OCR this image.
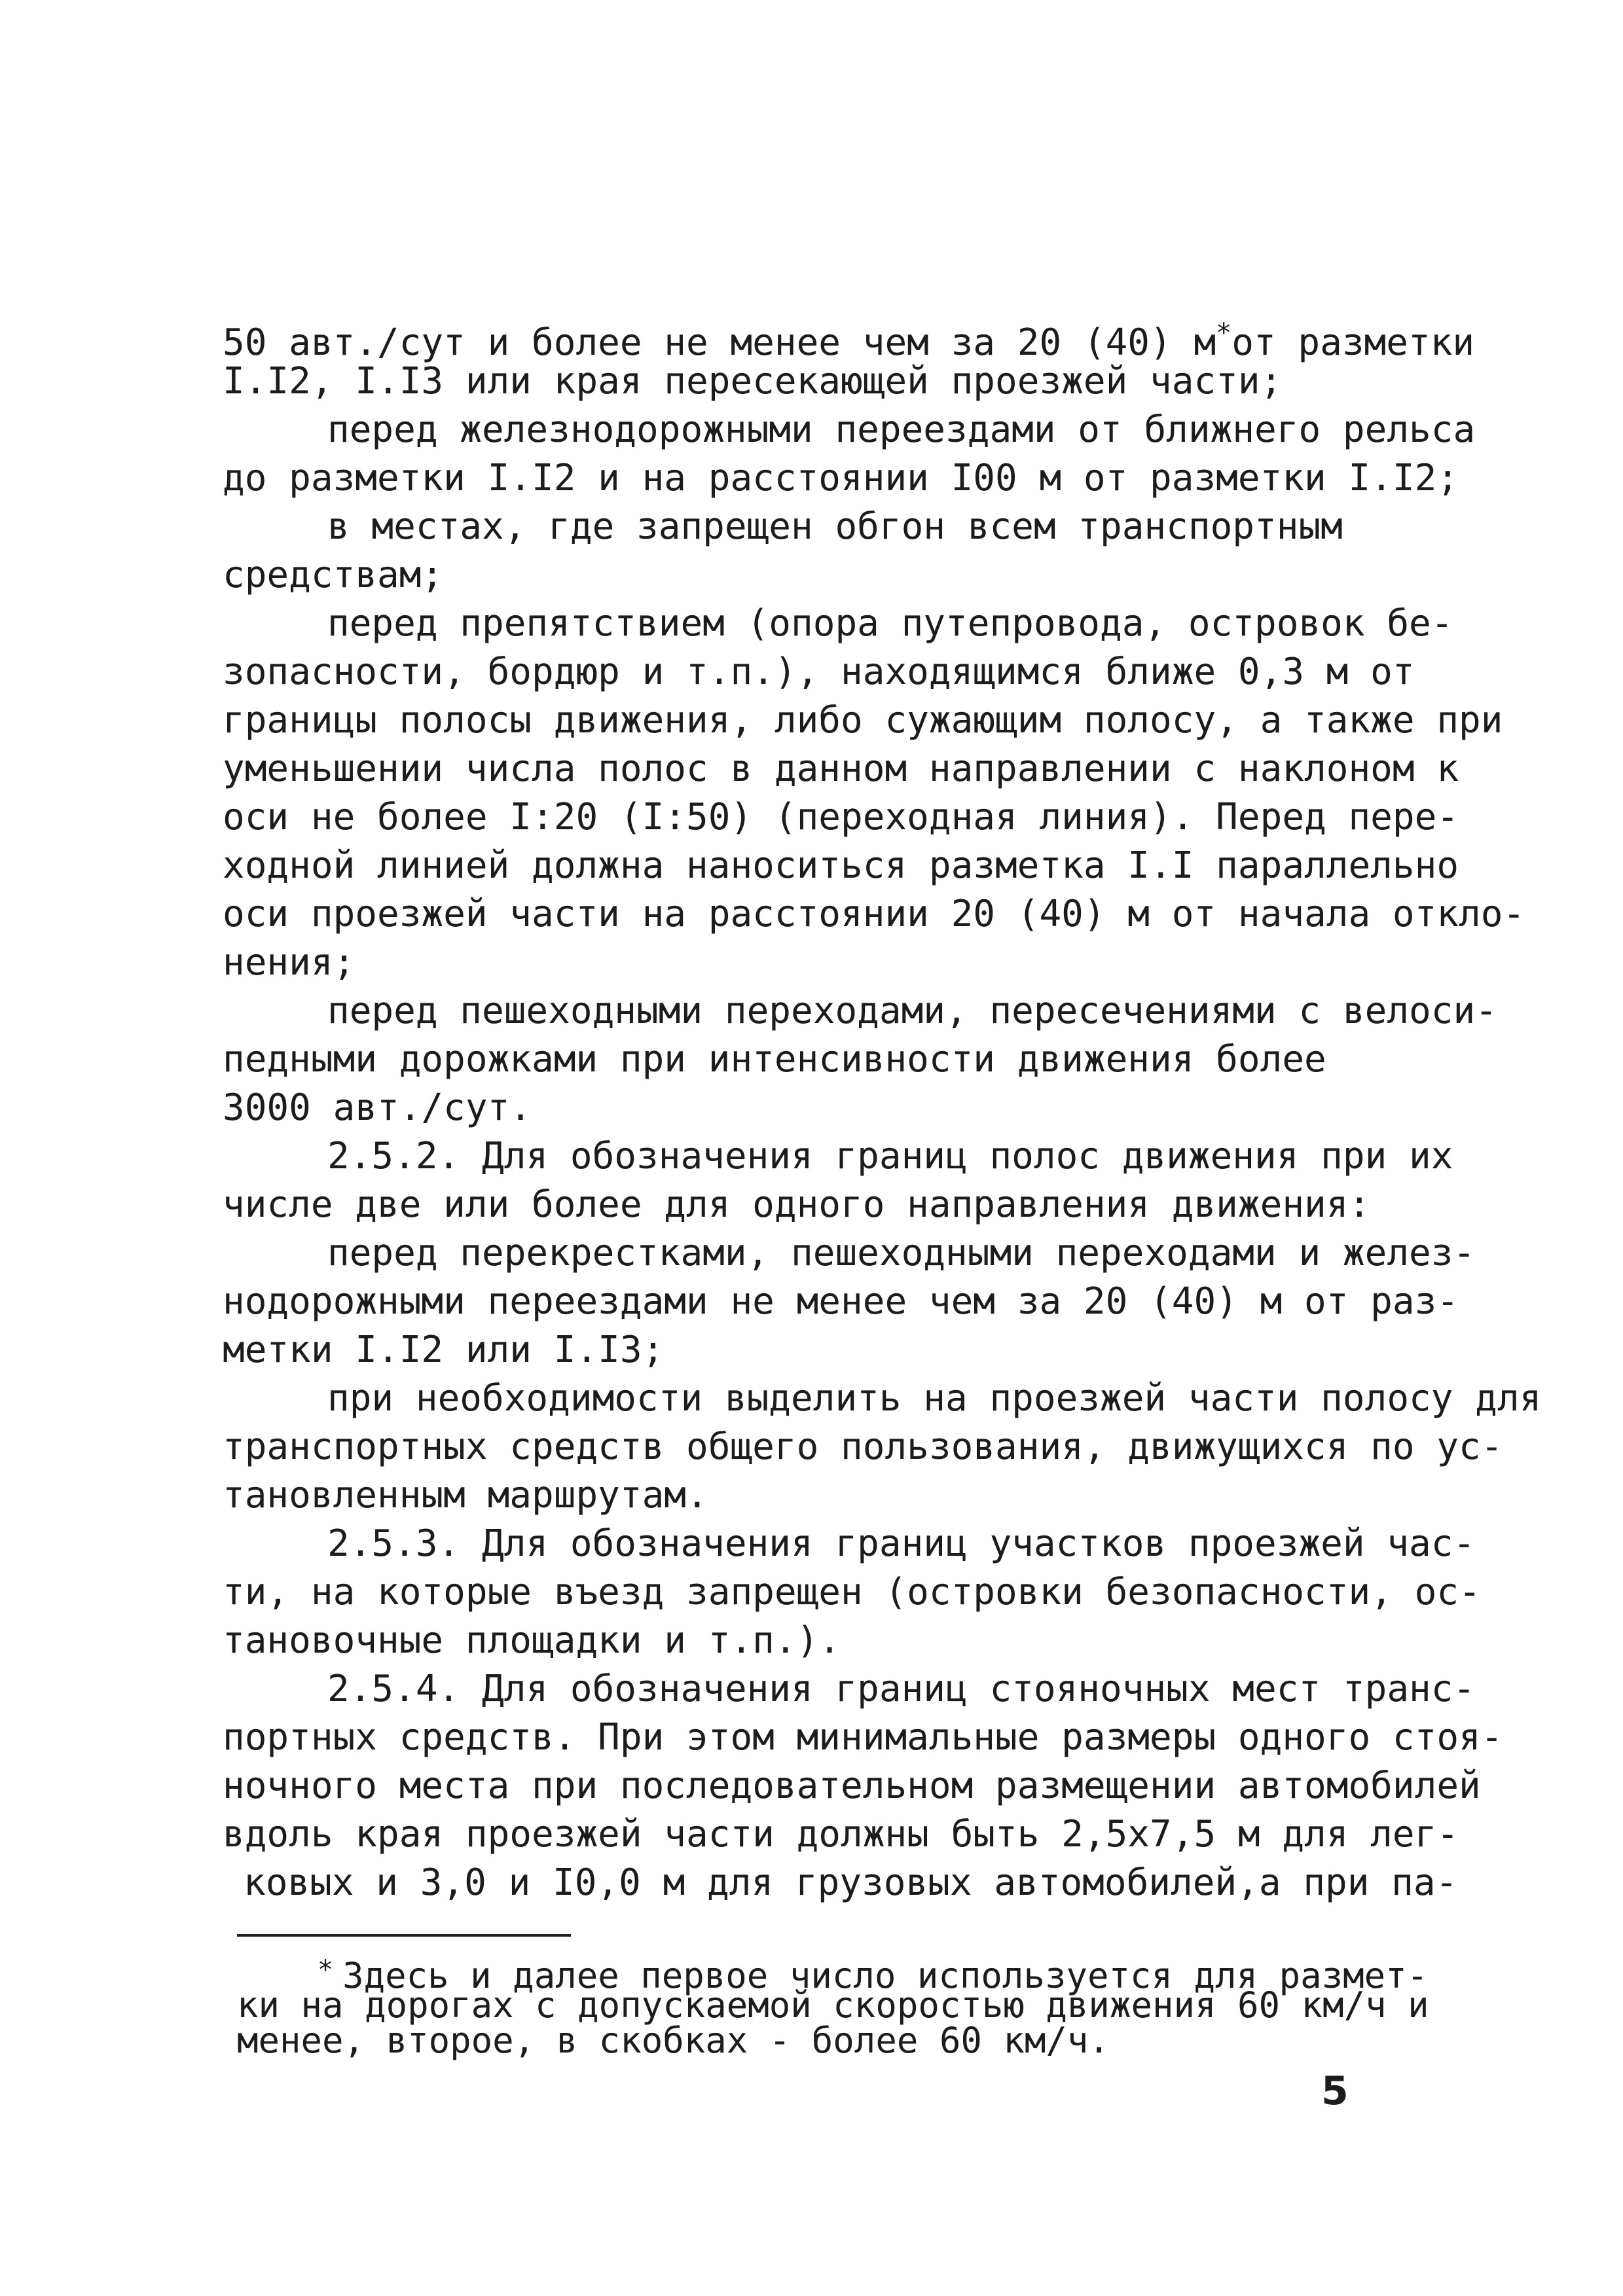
50 авт./сут и более не менее чем за 20 (40) м*от разметки
I.I2, I.I3 или края пересекающей проезжей части;
перед железнодорожными переездами от ближнего рельса
до разметки I.I2 и на расстоянии I00 м от разметки I.I2;
в местах, где запрещен обгон всем транспортным
средствам;
перед препятствием (опора путепровода, островок бе-
зопасности, бордюр и т.п.), находящимся ближе 0,3 м от
границы полосы движения, либо сужающим полосу, а также при
уменьшении числа полос в данном направлении с наклоном к
оси не более I:20 (I:50) (переходная линия). Перед пере-
ходной линией должна наноситься разметка I.I параллельно
оси проезжей части на расстоянии 20 (40) м от начала откло-
нения;
перед пешеходными переходами, пересечениями с велоси-
педными дорожками при интенсивности движения более
3000 авт./сут.
2.5.2. Для обозначения границ полос движения при их
числе две или более для одного направления движения:
перед перекрестками, пешеходными переходами и желез-
нодорожными переездами не менее чем за 20 (40) м от раз-
метки I.I2 или I.I3;
при необходимости выделить на проезжей части полосу для
транспортных средств общего пользования, движущихся по ус-
тановленным маршрутам.
2.5.3. Для обозначения границ участков проезжей час-
ти, на которые въезд запрещен (островки безопасности, ос-
тановочные площадки и т.п.).
2.5.4. Для обозначения границ стояночных мест транс-
портных средств. При этом минимальные размеры одного стоя-
ночного места при последовательном размещении автомобилей
вдоль края проезжей части должны быть 2,5х7,5 м для лег-
ковых и 3,0 и I0,0 м для грузовых автомобилей,а при па-
* Здесь и далее первое число используется для размет-
ки на дорогах с допускаемой скоростью движения 60 км/ч и
менее, второе, в скобках - более 60 км/ч.
5
